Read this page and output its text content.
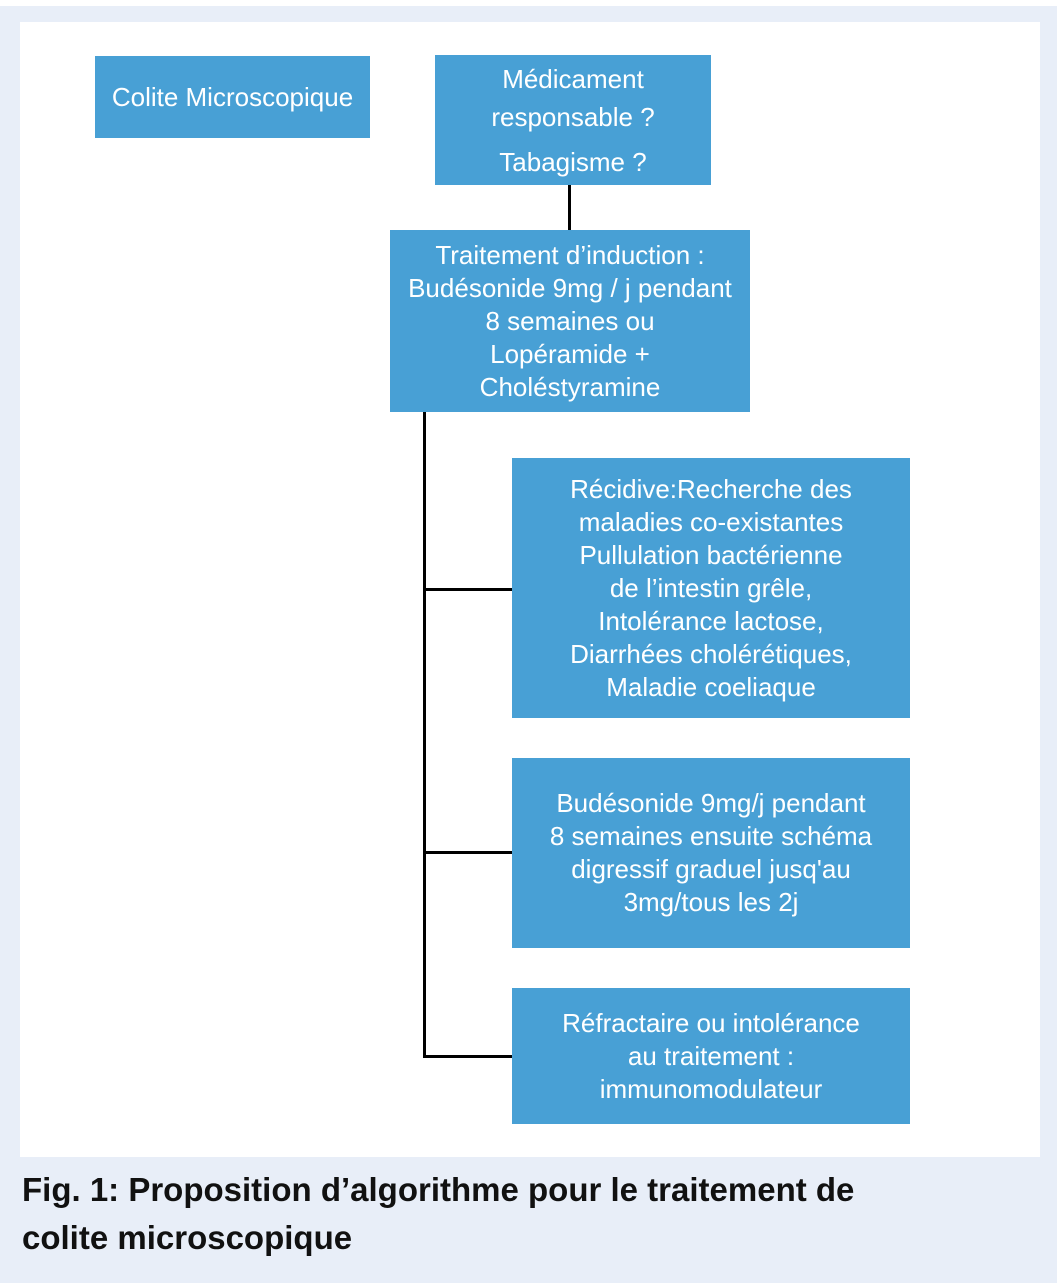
Colite Microscopique
Médicament
responsable ?
Tabagisme ?
Traitement d’induction :
Budésonide 9mg / j pendant
8 semaines ou
Lopéramide +
Choléstyramine
Récidive:Recherche des
maladies co-existantes
Pullulation bactérienne
de l’intestin grêle,
Intolérance lactose,
Diarrhées cholérétiques,
Maladie coeliaque
Budésonide 9mg/j pendant
8 semaines ensuite schéma
digressif graduel jusq'au
3mg/tous les 2j
Réfractaire ou intolérance
au traitement :
immunomodulateur
Fig. 1: Proposition d’algorithme pour le traitement de
colite microscopique
